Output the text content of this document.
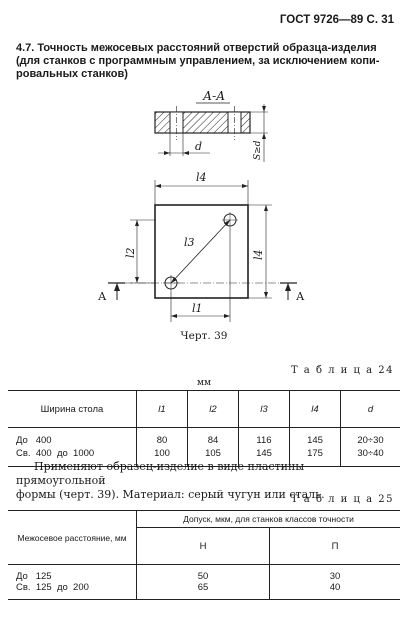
ГОСТ 9726—89 С. 31
4.7. Точность межосевых расстояний отверстий образца-изделия
(для станков с программным управлением, за исключением копи-
ровальных станков)
А-А
d	S≥d
l4
l4
l2
l3
l1
А	А
Черт. 39
Т а б л и ц а 24
мм
Ширина стола	l1	l2	l3	l4	d
До   400	80	84	116	145	20÷30
Св.  400  до  1000	100	105	145	175	30÷40
Применяют образец-изделие в виде пластины прямоугольной
формы (черт. 39). Материал: серый чугун или сталь.
Т а б л и ц а 25
Межосевое расстояние, мм	Допуск, мкм, для станков классов точности	
	Н	П
До   125	50	30
Св.  125  до  200	65	40
